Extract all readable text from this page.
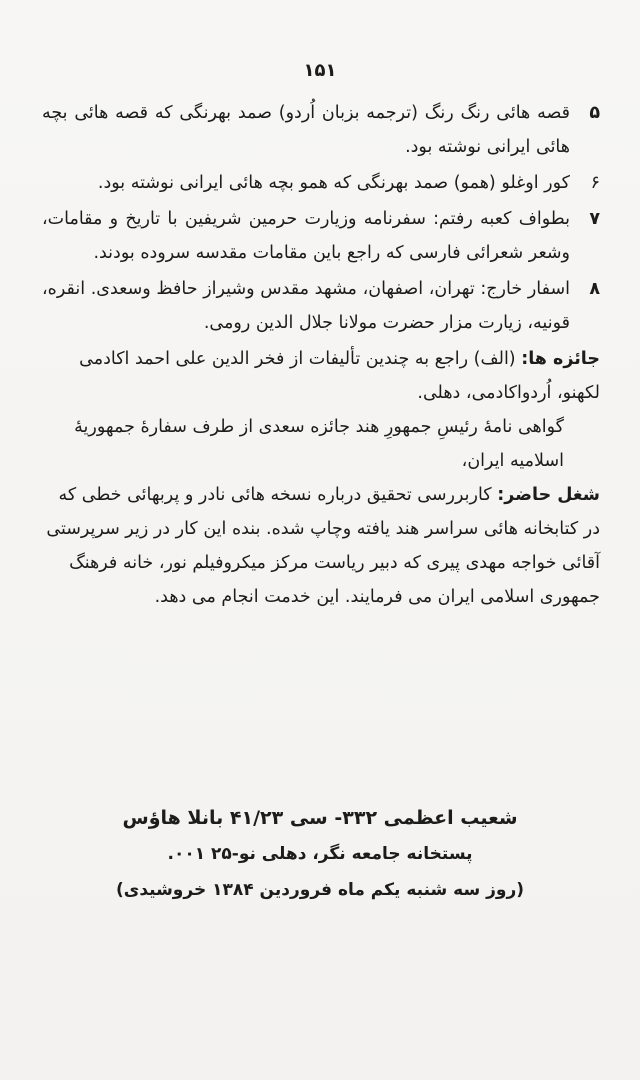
۱۵۱
۵
قصه هائی رنگ رنگ (ترجمه بزبان اُردو) صمد بهرنگی که قصه هائی بچه هائی ایرانی نوشته بود.
۶
کور اوغلو (همو) صمد بهرنگی که همو بچه هائی ایرانی نوشته بود.
۷
بطواف کعبه رفتم: سفرنامه وزیارت حرمین شریفین با تاریخ و مقامات، وشعر شعرائی فارسی که راجع باین مقامات مقدسه سروده بودند.
۸
اسفار خارج: تهران، اصفهان، مشهد مقدس وشیراز حافظ وسعدی. انقره، قونیه، زیارت مزار حضرت مولانا جلال الدین رومی.
جائزه ها: (الف) راجع به چندین تألیفات از فخر الدین علی احمد اکادمی لکهنو، اُردواکادمی، دهلی.
گواهی نامهٔ رئیسِ جمهورِ هند جائزه سعدی از طرف سفارهٔ جمهوریهٔ اسلامیه ایران،
شغل حاضر: کاربررسی تحقیق درباره نسخه هائی نادر و پربهائی خطی که در کتابخانه هائی سراسر هند یافته وچاپ شده. بنده این کار در زیر سرپرستی آقائی خواجه مهدی پیری که دبیر ریاست مرکز میکروفیلم نور، خانه فرهنگ جمهوری اسلامی ایران می فرمایند. این خدمت انجام می دهد.
شعیب اعظمی ۳۳۲- سی ۴۱/۲۳ بانلا هاؤس
پستخانه جامعه نگر، دهلی نو-۲۵ ۰۰۱.
(روز سه شنبه یکم ماه فروردین ۱۳۸۴ خروشیدی)
